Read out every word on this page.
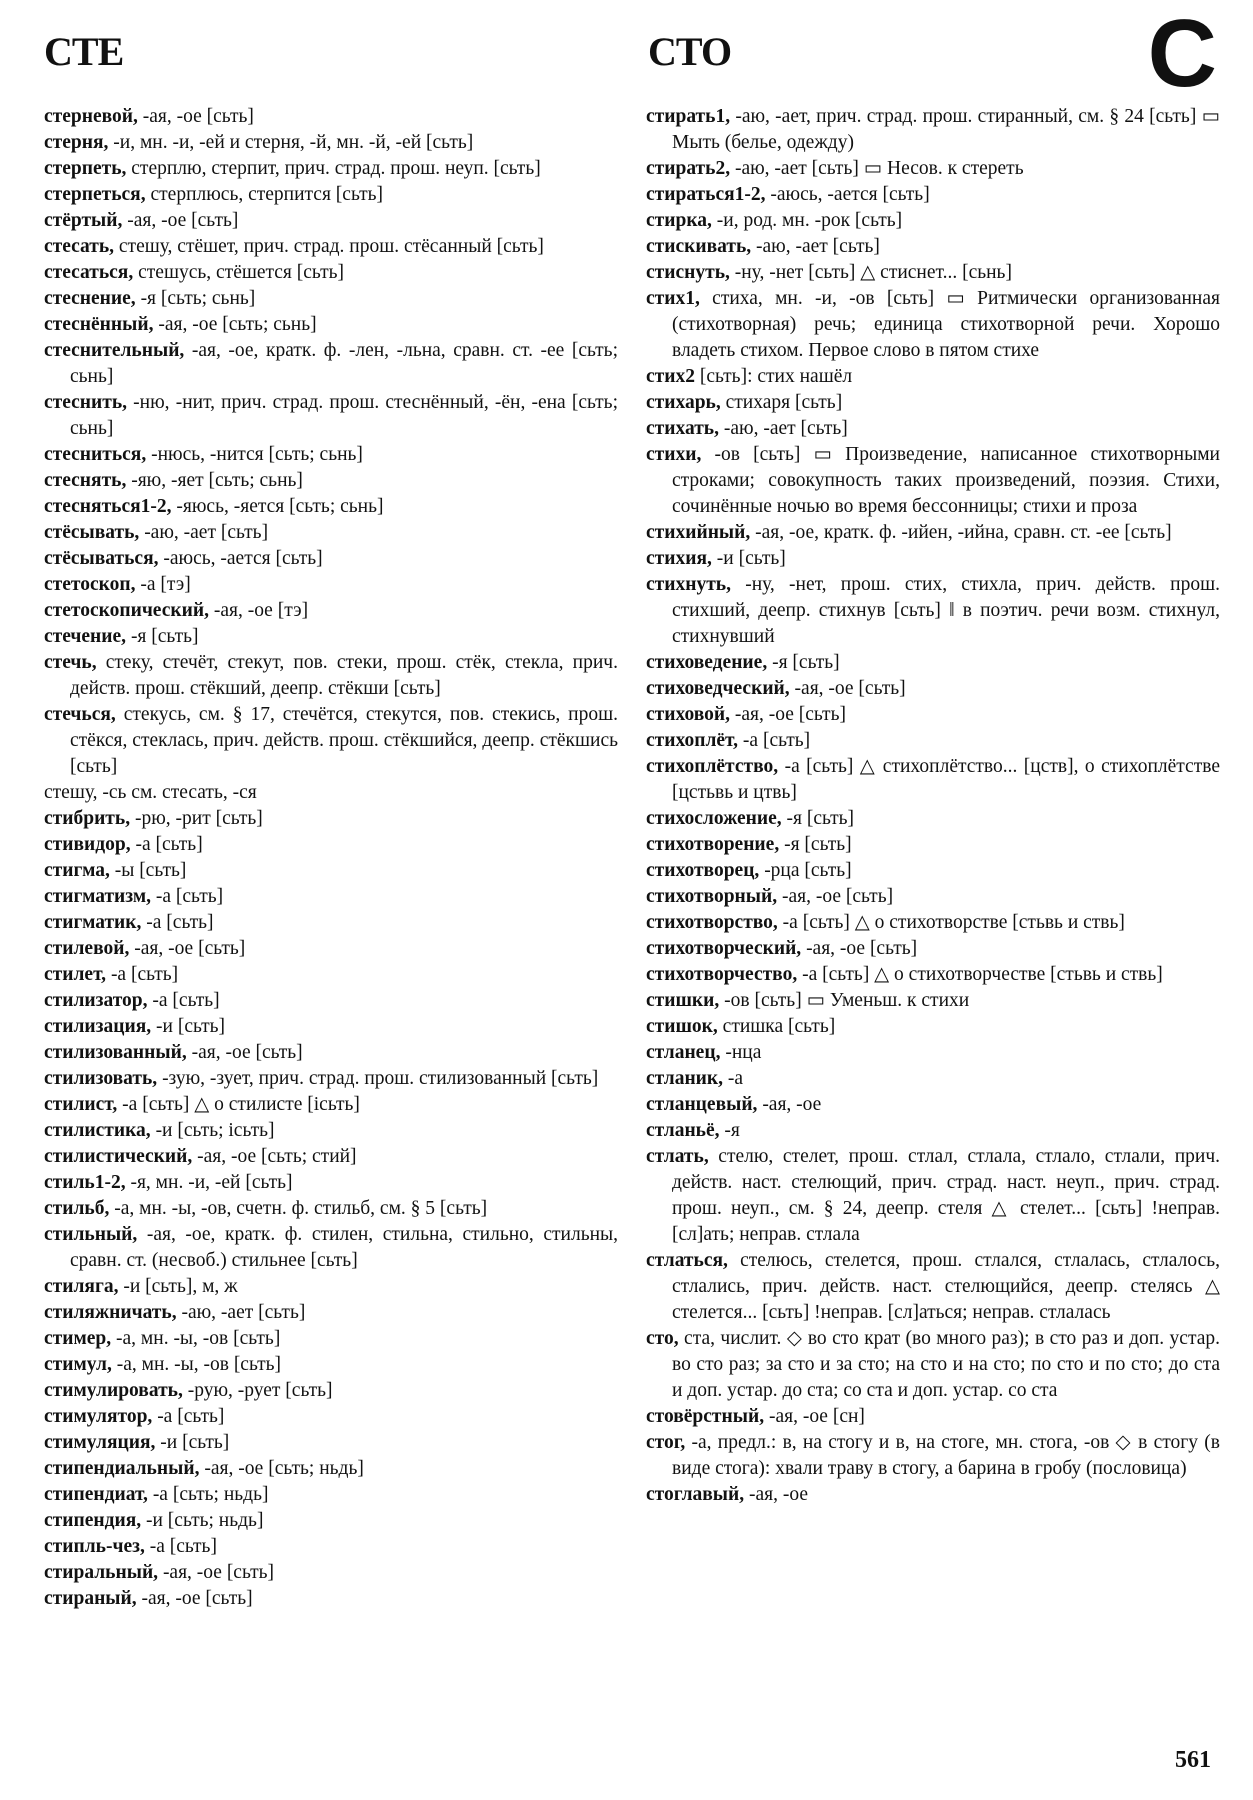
СТЕ	СТО	С

стерневой, -ая, -ое [сьть]

стерня, -и, мн. -и, -ей и стерня, -й, мн. -й, -ей [сьть]

стерпеть, стерплю, стерпит, прич. страд. прош. неуп. [сьть]

стерпеться, стерплюсь, стерпится [сьть]

стёртый, -ая, -ое [сьть]

стесать, стешу, стёшет, прич. страд. прош. стёсанный [сьть]

стесаться, стешусь, стёшется [сьть]

стеснение, -я [сьть; сьнь]

стеснённый, -ая, -ое [сьть; сьнь]

стеснительный, -ая, -ое, кратк. ф. -лен, -льна, сравн. ст. -ее [сьть; сьнь]

стеснить, -ню, -нит, прич. страд. прош. стеснённый, -ён, -ена [сьть; сьнь]

стесниться, -нюсь, -нится [сьть; сьнь]

стеснять, -яю, -яет [сьть; сьнь]

стесняться1-2, -яюсь, -яется [сьть; сьнь]

стёсывать, -аю, -ает [сьть]

стёсываться, -аюсь, -ается [сьть]

стетоскоп, -а [тэ]

стетоскопический, -ая, -ое [тэ]

стечение, -я [сьть]

стечь, стеку, стечёт, стекут, пов. стеки, прош. стёк, стекла, прич. действ. прош. стёкший, деепр. стёкши [сьть]

стечься, стекусь, см. § 17, стечётся, стекутся, пов. стекись, прош. стёкся, стеклась, прич. действ. прош. стёкшийся, деепр. стёкшись [сьть]

стешу, -сь см. стесать, -ся

стибрить, -рю, -рит [сьть]

стивидор, -а [сьть]

стигма, -ы [сьть]

стигматизм, -а [сьть]

стигматик, -а [сьть]

стилевой, -ая, -ое [сьть]

стилет, -а [сьть]

стилизатор, -а [сьть]

стилизация, -и [сьть]

стилизованный, -ая, -ое [сьть]

стилизовать, -зую, -зует, прич. страд. прош. стилизованный [сьть]

стилист, -а [сьть] △ о стилисте [ісьть]

стилистика, -и [сьть; ісьть]

стилистический, -ая, -ое [сьть; стий]

стиль1-2, -я, мн. -и, -ей [сьть]

стильб, -а, мн. -ы, -ов, счетн. ф. стильб, см. § 5 [сьть]

стильный, -ая, -ое, кратк. ф. стилен, стильна, стильно, стильны, сравн. ст. (несвоб.) стильнее [сьть]

стиляга, -и [сьть], м, ж

стиляжничать, -аю, -ает [сьть]

стимер, -а, мн. -ы, -ов [сьть]

стимул, -а, мн. -ы, -ов [сьть]

стимулировать, -рую, -рует [сьть]

стимулятор, -а [сьть]

стимуляция, -и [сьть]

стипендиальный, -ая, -ое [сьть; ньдь]

стипендиат, -а [сьть; ньдь]

стипендия, -и [сьть; ньдь]

стипль-чез, -а [сьть]

стиральный, -ая, -ое [сьть]

стираный, -ая, -ое [сьть]

стирать1, -аю, -ает, прич. страд. прош. стиранный, см. § 24 [сьть] ▭ Мыть (белье, одежду)

стирать2, -аю, -ает [сьть] ▭ Несов. к стереть

стираться1-2, -аюсь, -ается [сьть]

стирка, -и, род. мн. -рок [сьть]

стискивать, -аю, -ает [сьть]

стиснуть, -ну, -нет [сьть] △ стиснет... [сьнь]

стих1, стиха, мн. -и, -ов [сьть] ▭ Ритмически организованная (стихотворная) речь; единица стихотворной речи. Хорошо владеть стихом. Первое слово в пятом стихе

стих2 [сьть]: стих нашёл

стихарь, стихаря [сьть]

стихать, -аю, -ает [сьть]

стихи, -ов [сьть] ▭ Произведение, написанное стихотворными строками; совокупность таких произведений, поэзия. Стихи, сочинённые ночью во время бессонницы; стихи и проза

стихийный, -ая, -ое, кратк. ф. -ийен, -ийна, сравн. ст. -ее [сьть]

стихия, -и [сьть]

стихнуть, -ну, -нет, прош. стих, стихла, прич. действ. прош. стихший, деепр. стихнув [сьть] ‖ в поэтич. речи возм. стихнул, стихнувший

стиховедение, -я [сьть]

стиховедческий, -ая, -ое [сьть]

стиховой, -ая, -ое [сьть]

стихоплёт, -а [сьть]

стихоплётство, -а [сьть] △ стихоплётство... [цств], о стихоплётстве [цстьвь и цтвь]

стихосложение, -я [сьть]

стихотворение, -я [сьть]

стихотворец, -рца [сьть]

стихотворный, -ая, -ое [сьть]

стихотворство, -а [сьть] △ о стихотворстве [стьвь и ствь]

стихотворческий, -ая, -ое [сьть]

стихотворчество, -а [сьть] △ о стихотворчестве [стьвь и ствь]

стишки, -ов [сьть] ▭ Уменьш. к стихи

стишок, стишка [сьть]

стланец, -нца

стланик, -а

стланцевый, -ая, -ое

стланьё, -я

стлать, стелю, стелет, прош. стлал, стлала, стлало, стлали, прич. действ. наст. стелющий, прич. страд. наст. неуп., прич. страд. прош. неуп., см. § 24, деепр. стеля △ стелет... [сьть] !неправ. [сл]ать; неправ. стлала

стлаться, стелюсь, стелется, прош. стлался, стлалась, стлалось, стлались, прич. действ. наст. стелющийся, деепр. стелясь △ стелется... [сьть] !неправ. [сл]аться; неправ. стлалась

сто, ста, числит. ◇ во сто крат (во много раз); в сто раз и доп. устар. во сто раз; за сто и за сто; на сто и на сто; по сто и по сто; до ста и доп. устар. до ста; со ста и доп. устар. со ста

стовёрстный, -ая, -ое [сн]

стог, -а, предл.: в, на стогу и в, на стоге, мн. стога, -ов ◇ в стогу (в виде стога): хвали траву в стогу, а барина в гробу (пословица)

стоглавый, -ая, -ое

561
